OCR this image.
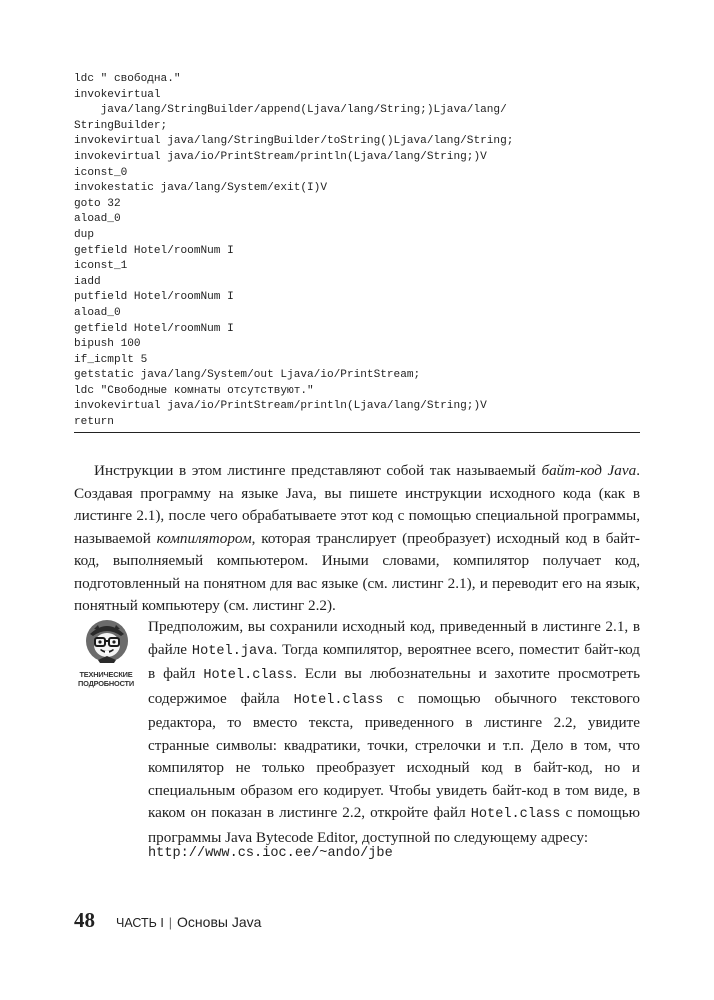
ldc " свободна."
invokevirtual
java/lang/StringBuilder/append(Ljava/lang/String;)Ljava/lang/
StringBuilder;
invokevirtual java/lang/StringBuilder/toString()Ljava/lang/String;
invokevirtual java/io/PrintStream/println(Ljava/lang/String;)V
iconst_0
invokestatic java/lang/System/exit(I)V
goto 32
aload_0
dup
getfield Hotel/roomNum I
iconst_1
iadd
putfield Hotel/roomNum I
aload_0
getfield Hotel/roomNum I
bipush 100
if_icmplt 5
getstatic java/lang/System/out Ljava/io/PrintStream;
ldc "Свободные комнаты отсутствуют."
invokevirtual java/io/PrintStream/println(Ljava/lang/String;)V
return

Инструкции в этом листинге представляют собой так называемый байт-код Java. Создавая программу на языке Java, вы пишете инструкции исходного кода (как в листинге 2.1), после чего обрабатываете этот код с помощью специальной программы, называемой компилятором, которая транслирует (преобразует) исходный код в байт-код, выполняемый компьютером. Иными словами, компилятор получает код, подготовленный на понятном для вас языке (см. листинг 2.1), и переводит его на язык, понятный компьютеру (см. листинг 2.2).

ТЕХНИЧЕСКИЕ ПОДРОБНОСТИ

Предположим, вы сохранили исходный код, приведенный в листинге 2.1, в файле Hotel.java. Тогда компилятор, вероятнее всего, поместит байт-код в файл Hotel.class. Если вы любознательны и захотите просмотреть содержимое файла Hotel.class с помощью обычного текстового редактора, то вместо текста, приведенного в листинге 2.2, увидите странные символы: квадратики, точки, стрелочки и т.п. Дело в том, что компилятор не только преобразует исходный код в байт-код, но и специальным образом его кодирует. Чтобы увидеть байт-код в том виде, в каком он показан в листинге 2.2, откройте файл Hotel.class с помощью программы Java Bytecode Editor, доступной по следующему адресу:

http://www.cs.ioc.ee/~ando/jbe
48 ЧАСТЬ I | Основы Java
